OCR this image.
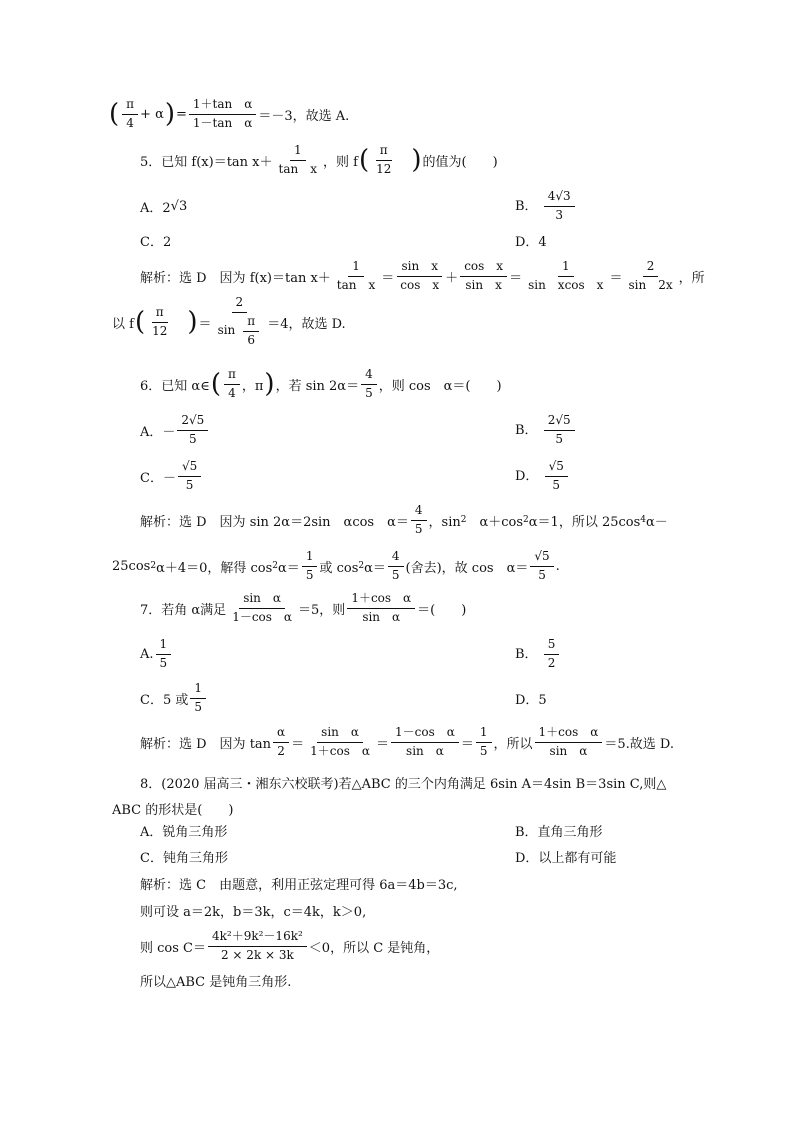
( $\frac{\pi}{4} + \alpha$ ) = $\frac{\text{1＋tan　α}}{\text{1－tan　α}} =-3$，故选 A.
5．已知 f(x)＝tan $x+ \frac{1}{\text{tan　x}}$ ，则 f ( $\frac{\pi}{12}$ ) 的值为(　　)
A．2 √3	B． $\frac{4√3}{3}$
C．2	D．4
解析：选 D　因为 f(x)＝tan $x+ \frac{1}{\text{tan　x}} = \frac{\text{sin　x}}{\text{cos　x}} + \frac{\text{cos　x}}{\text{sin　x}} = \frac{1}{\text{sin　xcos　x}} = \frac{2}{\sin 2x}$ ，所
以 f ( $\frac{\pi}{12}$ ) ＝ $\frac{2}{\sin \frac{\pi}{6}} =4$，故选 D.
6．已知 α∈ ( $\frac{\pi}{4}$ ，π ) ，若 $\sin 2\alpha= \frac{4}{5}$ ，则 cos　α＝(　　)
A．－ $\frac{2√5}{5}$	B． $\frac{2√5}{5}$
C．－ $\frac{√5}{5}$	D． $\frac{√5}{5}$
解析：选 D　因为 sin 2α＝2sin　αcos　$\alpha= \frac{4}{5}$ ，sin 2 　α＋cos 2 α＝1，所以 25cos 4 α－
25cos 2 α＋4＝0，解得 cos 2 $\alpha= \frac{1}{5}$ 或 cos 2 $\alpha= \frac{4}{5}$ (舍去)，故 cos　$\alpha= \frac{√5}{5}$ .
7．若角 α满足 $\frac{\text{sin　α}}{\text{1－cos　α}} =5$，则 $\frac{\text{1＋cos　α}}{\text{sin　α}}$ ＝(　　)
A. $\frac{1}{5}$	B． $\frac{5}{2}$
C．5 或 $\frac{1}{5}$	D．5
解析：选 D　因为 $\tan \frac{\alpha}{2} = \frac{\text{sin　α}}{\text{1＋cos　α}} = \frac{\text{1－cos　α}}{\text{sin　α}} = \frac{1}{5}$ ，所以 $\frac{\text{1＋cos　α}}{\text{sin　α}} =5$.故选 D.
8．(2020 届高三・湘东六校联考)若△ABC 的三个内角满足 6sin A＝4sin B＝3sin C,则△
ABC 的形状是(　　)
A．锐角三角形	B．直角三角形
C．钝角三角形	D．以上都有可能
解析：选 C　由题意，利用正弦定理可得 6a＝4b＝3c,
则可设 a＝2k，b＝3k，c＝4k，k＞0,
则 $\cos C= \frac{\text{4k²＋9k²－16k²}}{2 \times 2k \times 3k} <0$，所以 C 是钝角，
所以△ABC 是钝角三角形.
